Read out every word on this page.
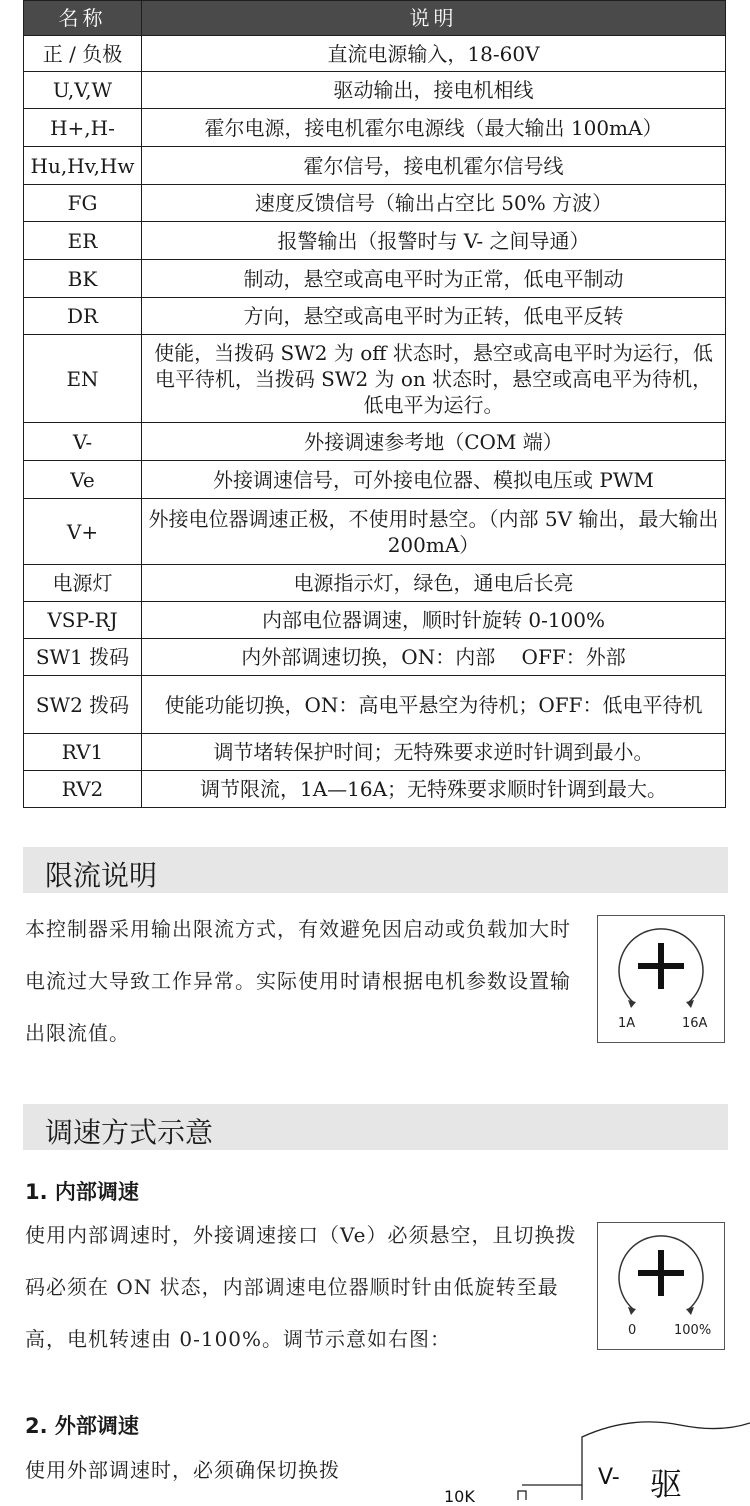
名称	说明
正 / 负极	直流电源输入，18-60V
U,V,W	驱动输出，接电机相线
H+,H-	霍尔电源，接电机霍尔电源线（最大输出 100mA）
Hu,Hv,Hw	霍尔信号，接电机霍尔信号线
FG	速度反馈信号（输出占空比 50% 方波）
ER	报警输出（报警时与 V- 之间导通）
BK	制动，悬空或高电平时为正常，低电平制动
DR	方向，悬空或高电平时为正转，低电平反转
EN	使能，当拨码 SW2 为 off 状态时，悬空或高电平时为运行，低电平待机，当拨码 SW2 为 on 状态时，悬空或高电平为待机，低电平为运行。
V-	外接调速参考地（COM 端）
Ve	外接调速信号，可外接电位器、模拟电压或 PWM
V+	外接电位器调速正极，不使用时悬空。（内部 5V 输出，最大输出 200mA）
电源灯	电源指示灯，绿色，通电后长亮
VSP-RJ	内部电位器调速，顺时针旋转 0-100%
SW1 拨码	内外部调速切换，ON：内部　 OFF：外部
SW2 拨码	使能功能切换，ON：高电平悬空为待机；OFF：低电平待机
RV1	调节堵转保护时间；无特殊要求逆时针调到最小。
RV2	调节限流，1A—16A；无特殊要求顺时针调到最大。
限流说明
本控制器采用输出限流方式，有效避免因启动或负载加大时电流过大导致工作异常。实际使用时请根据电机参数设置输出限流值。	1A	16A
调速方式示意
1. 内部调速
使用内部调速时，外接调速接口（Ve）必须悬空，且切换拨码必须在 ON 状态，内部调速电位器顺时针由低旋转至最高，电机转速由 0-100%。调节示意如右图：	0	100%
2. 外部调速
使用外部调速时，必须确保切换拨	V- 驱
10K
